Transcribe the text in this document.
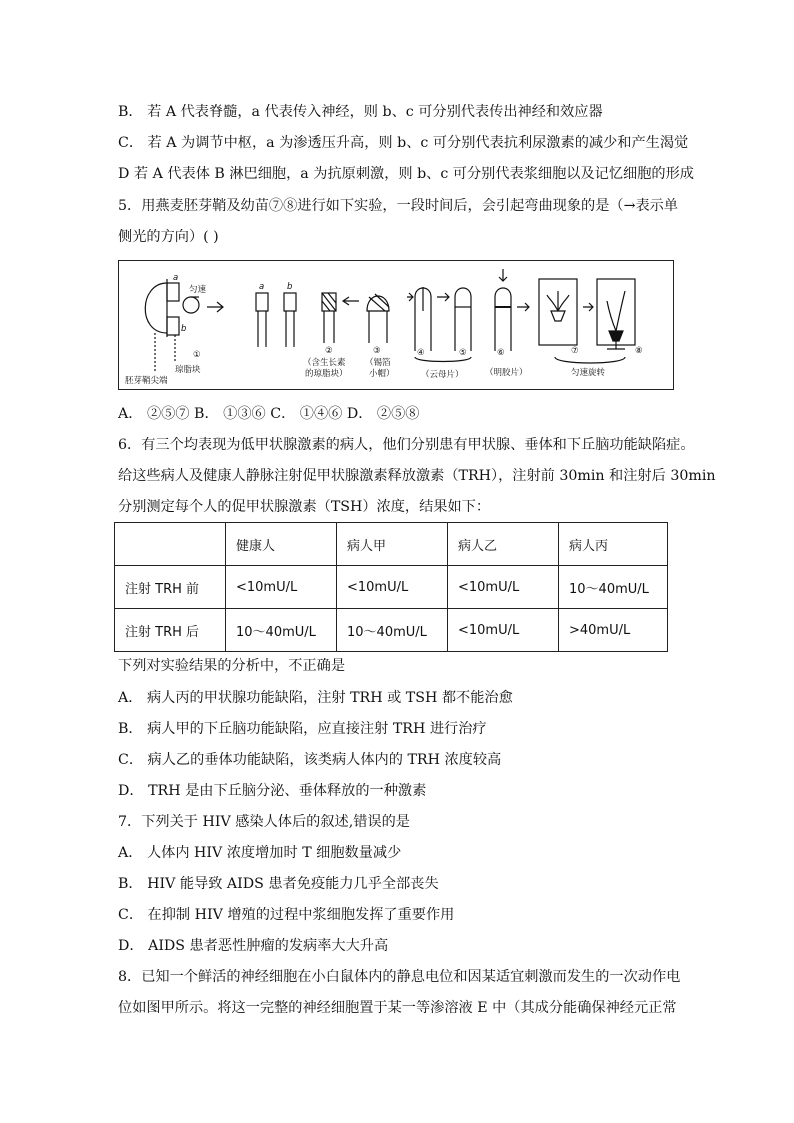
B． 若 A 代表脊髓，a 代表传入神经，则 b、c 可分别代表传出神经和效应器
C． 若 A 为调节中枢，a 为渗透压升高，则 b、c 可分别代表抗利尿激素的减少和产生渴觉
D 若 A 代表体 B 淋巴细胞，a 为抗原刺激，则 b、c 可分别代表浆细胞以及记忆细胞的形成
5．用燕麦胚芽鞘及幼苗⑦⑧进行如下实验，一段时间后，会引起弯曲现象的是（→表示单
侧光的方向）( )
a
b
匀速
琼脂块
胚芽鞘尖端
①
a	b
②
（含生长素
的琼脂块）
③
（锡箔
小帽）
④	⑤
（云母片）
⑥
（明胶片）
⑦	⑧
匀速旋转
A． ②⑤⑦ B． ①③⑥ C． ①④⑥ D． ②⑤⑧
6．有三个均表现为低甲状腺激素的病人，他们分别患有甲状腺、垂体和下丘脑功能缺陷症。
给这些病人及健康人静脉注射促甲状腺激素释放激素（TRH），注射前 30min 和注射后 30min
分别测定每个人的促甲状腺激素（TSH）浓度，结果如下：
	健康人	病人甲	病人乙	病人丙
注射 TRH 前	<10mU/L	<10mU/L	<10mU/L	10～40mU/L
注射 TRH 后	10～40mU/L	10～40mU/L	<10mU/L	>40mU/L
下列对实验结果的分析中，不正确是
A． 病人丙的甲状腺功能缺陷，注射 TRH 或 TSH 都不能治愈
B． 病人甲的下丘脑功能缺陷，应直接注射 TRH 进行治疗
C． 病人乙的垂体功能缺陷，该类病人体内的 TRH 浓度较高
D． TRH 是由下丘脑分泌、垂体释放的一种激素
7．下列关于 HIV 感染人体后的叙述,错误的是
A． 人体内 HIV 浓度增加时 T 细胞数量减少
B． HIV 能导致 AIDS 患者免疫能力几乎全部丧失
C． 在抑制 HIV 增殖的过程中浆细胞发挥了重要作用
D． AIDS 患者恶性肿瘤的发病率大大升高
8．已知一个鲜活的神经细胞在小白鼠体内的静息电位和因某适宜刺激而发生的一次动作电
位如图甲所示。将这一完整的神经细胞置于某一等渗溶液 E 中（其成分能确保神经元正常
